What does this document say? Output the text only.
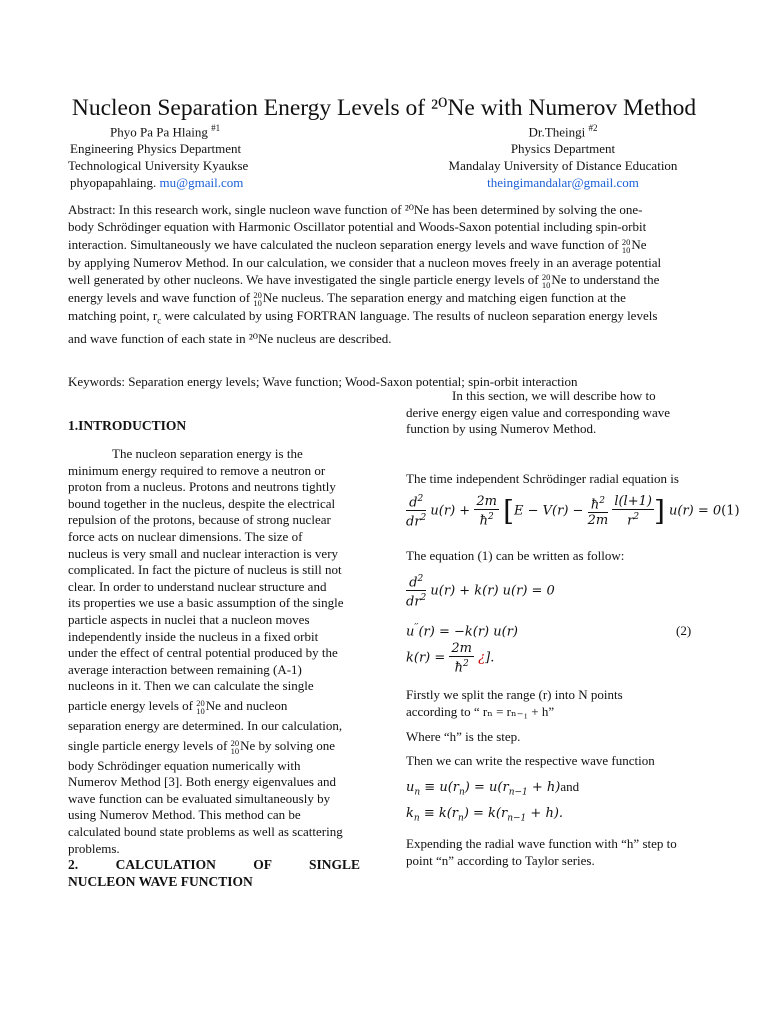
Nucleon Separation Energy Levels of ²⁰Ne with Numerov Method
Phyo Pa Pa Hlaing $^{\#1}$
Engineering Physics Department
Technological University Kyaukse
phyopapahlaing. mu@gmail.com
Dr.Theingi $^{\#2}$
Physics Department
Mandalay University of Distance Education
theingimandalar@gmail.com
Abstract: In this research work, single nucleon wave function of ²⁰Ne has been determined by solving the one-
body Schrödinger equation with Harmonic Oscillator potential and Woods-Saxon potential including spin-orbit
interaction. Simultaneously we have calculated the nucleon separation energy levels and wave function of 20
10 Ne
by applying Numerov Method. In our calculation, we consider that a nucleon moves freely in an average potential
well generated by other nucleons. We have investigated the single particle energy levels of 20
10 Ne to understand the
energy levels and wave function of 20
10 Ne nucleus. The separation energy and matching eigen function at the
matching point, $r_c$ were calculated by using FORTRAN language. The results of nucleon separation energy levels
and wave function of each state in ²⁰Ne nucleus are described.
Keywords: Separation energy levels; Wave function; Wood-Saxon potential; spin-orbit interaction
1.INTRODUCTION
The nucleon separation energy is the
minimum energy required to remove a neutron or
proton from a nucleus. Protons and neutrons tightly
bound together in the nucleus, despite the electrical
repulsion of the protons, because of strong nuclear
force acts on nuclear dimensions. The size of
nucleus is very small and nuclear interaction is very
complicated. In fact the picture of nucleus is still not
clear. In order to understand nuclear structure and
its properties we use a basic assumption of the single
particle aspects in nuclei that a nucleon moves
independently inside the nucleus in a fixed orbit
under the effect of central potential produced by the
average interaction between remaining (A-1)
nucleons in it. Then we can calculate the single
particle energy levels of 20
10 Ne and nucleon
separation energy are determined. In our calculation,
single particle energy levels of 20
10 Ne by solving one
body Schrödinger equation numerically with
Numerov Method [3]. Both energy eigenvalues and
wave function can be evaluated simultaneously by
using Numerov Method. This method can be
calculated bound state problems as well as scattering
problems.
2. CALCULATION OF SINGLE
NUCLEON WAVE FUNCTION
In this section, we will describe how to
derive energy eigen value and corresponding wave
function by using Numerov Method.
The time independent Schrödinger radial equation is
$\frac{d^2}{dr^2} u(r) + \frac{2m}{ħ^2} [E - V(r) - \frac{ħ^2}{2m}$
$\frac{l(l+1)}{r^2}$ ] u(r) = 0(1)
The equation (1) can be written as follow:
$\frac{d^2}{dr^2} u(r) + k(r) u(r) = 0$
u′′(r) = −k(r) u(r)	(2)
$k(r) = \frac{2m}{ħ^2}$ ¿].
Firstly we split the range (r) into N points
according to “ rₙ = rₙ₋₁ + h”
Where “h” is the step.
Then we can write the respective wave function
$u_n \equiv u(r_n) = u(r_{n-1} + h)and$
$k_n \equiv k(r_n) = k(r_{n-1} + h)$.
Expending the radial wave function with “h” step to
point “n” according to Taylor series.
